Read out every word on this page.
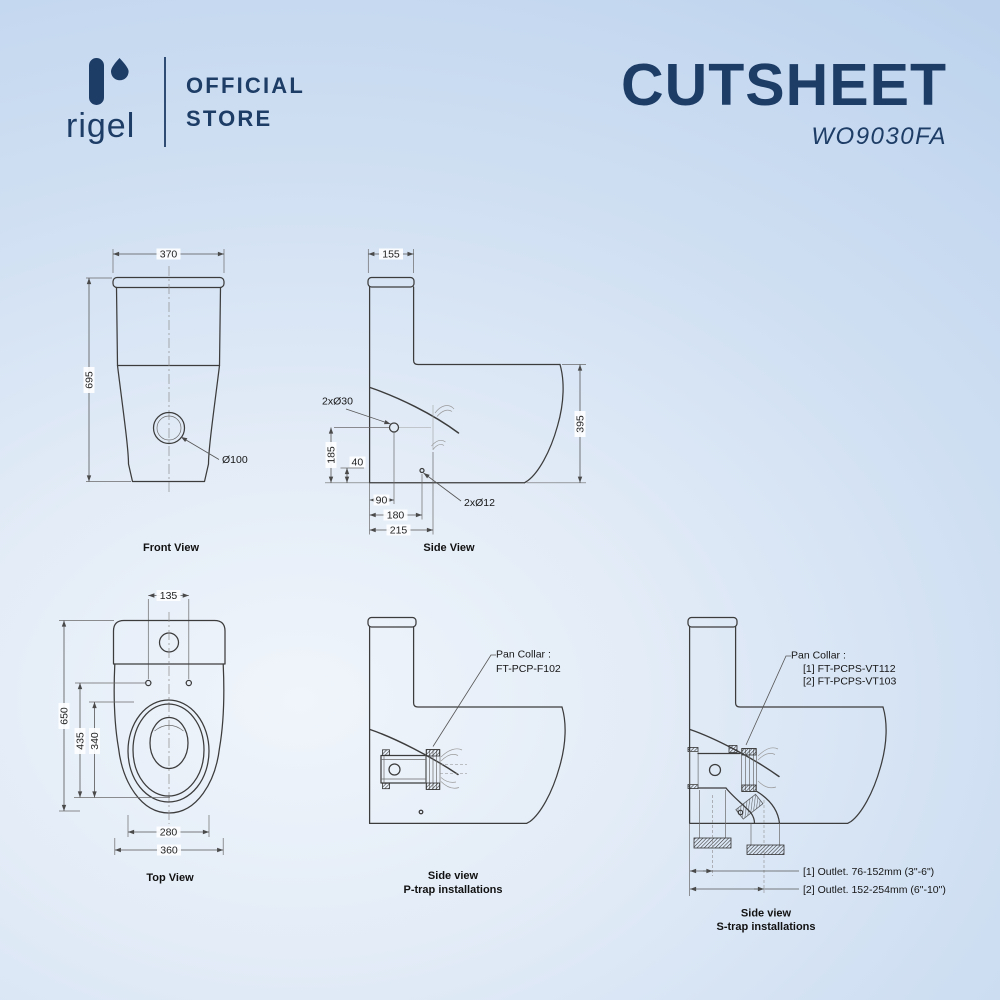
rigel
OFFICIAL
STORE
CUTSHEET
WO9030FA
370
Ø100
695
Front View
155
2xØ30
185 40
2xØ12
90
180
215
395
Side View
135
650
435 340
280
360
Top View
Pan Collar :
FT-PCP-F102
Side view
P-trap installations
Pan Collar :
[1] FT-PCPS-VT112
[2] FT-PCPS-VT103
[1] Outlet. 76-152mm (3"-6")
[2] Outlet. 152-254mm (6"-10")
Side view
S-trap installations
